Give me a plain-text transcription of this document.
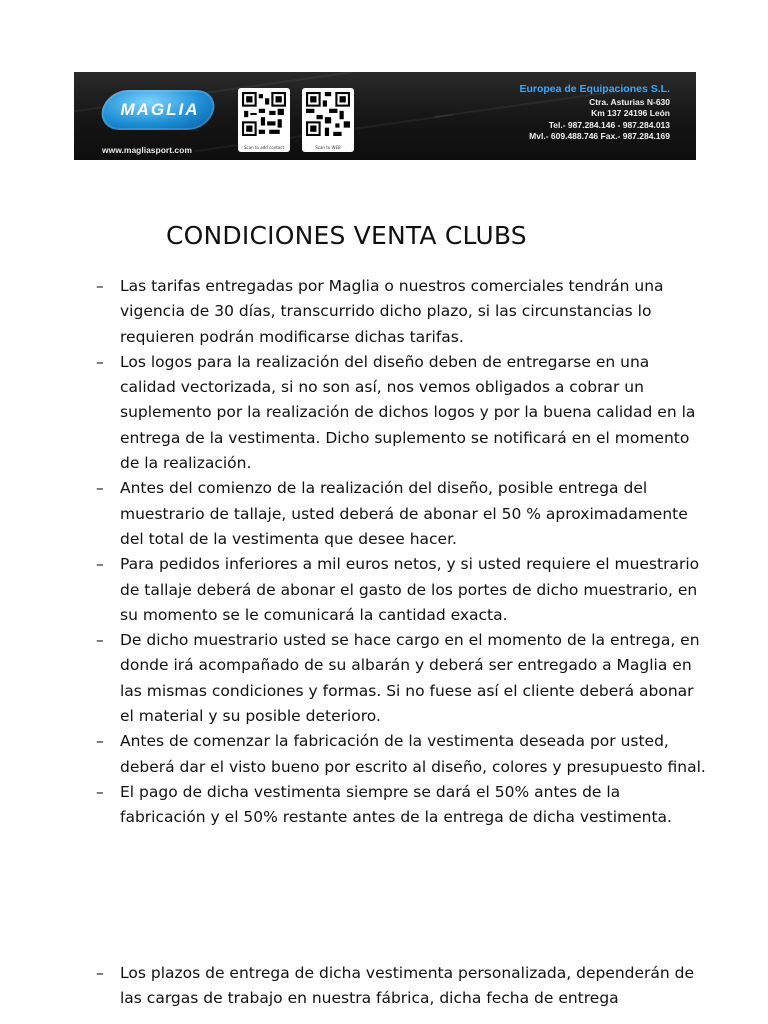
MAGLIA
www.magliasport.com	Scan to add contact	Scan to WEB
Europea de Equipaciones S.L.
Ctra. Asturias N-630
Km 137 24196 León
Tel.- 987.284.146 - 987.284.013
Mvl.- 609.488.746 Fax.- 987.284.169
CONDICIONES VENTA CLUBS
– Las tarifas entregadas por Maglia o nuestros comerciales tendrán una vigencia de 30 días, transcurrido dicho plazo, si las circunstancias lo requieren podrán modificarse dichas tarifas.
– Los logos para la realización del diseño deben de entregarse en una calidad vectorizada, si no son así, nos vemos obligados a cobrar un suplemento por la realización de dichos logos y por la buena calidad en la entrega de la vestimenta. Dicho suplemento se notificará en el momento de la realización.
– Antes del comienzo de la realización del diseño, posible entrega del muestrario de tallaje, usted deberá de abonar el 50 % aproximadamente del total de la vestimenta que desee hacer.
– Para pedidos inferiores a mil euros netos, y si usted requiere el muestrario de tallaje deberá de abonar el gasto de los portes de dicho muestrario, en su momento se le comunicará la cantidad exacta.
– De dicho muestrario usted se hace cargo en el momento de la entrega, en donde irá acompañado de su albarán y deberá ser entregado a Maglia en las mismas condiciones y formas. Si no fuese así el cliente deberá abonar el material y su posible deterioro.
– Antes de comenzar la fabricación de la vestimenta deseada por usted, deberá dar el visto bueno por escrito al diseño, colores y presupuesto final.
– El pago de dicha vestimenta siempre se dará el 50% antes de la fabricación y el 50% restante antes de la entrega de dicha vestimenta.
– Los plazos de entrega de dicha vestimenta personalizada, dependerán de las cargas de trabajo en nuestra fábrica, dicha fecha de entrega
